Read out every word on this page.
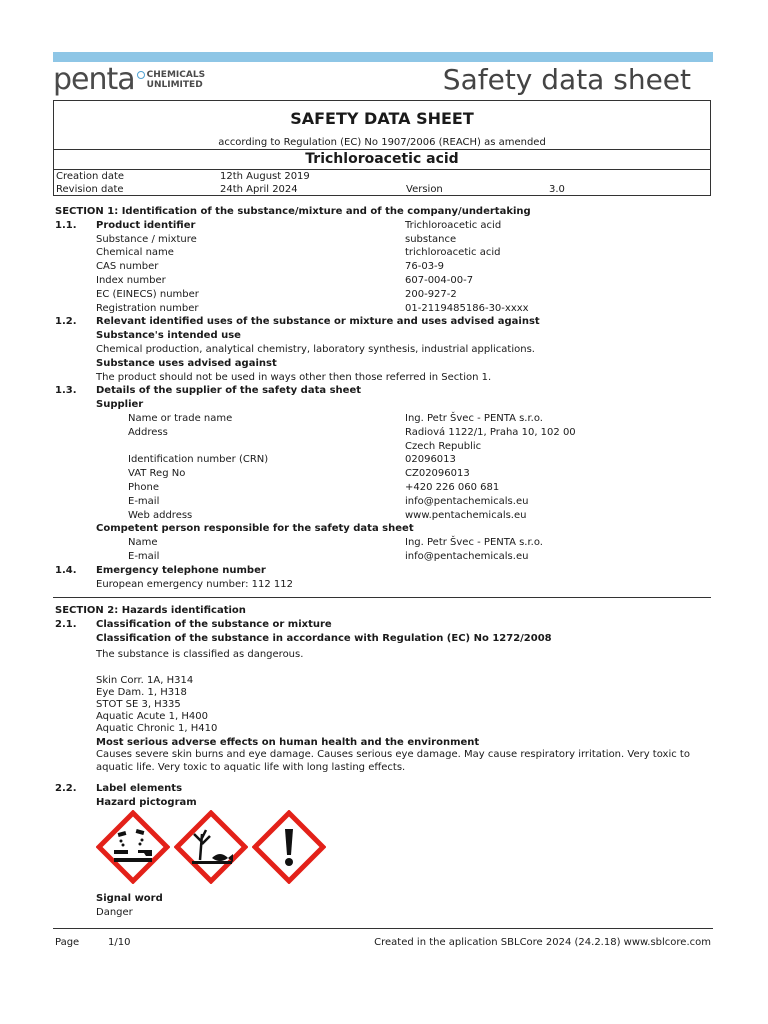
penta CHEMICALS
UNLIMITED	Safety data sheet
SAFETY DATA SHEET
according to Regulation (EC) No 1907/2006 (REACH) as amended
Trichloroacetic acid
Creation date	12th August 2019
Revision date	24th April 2024	Version	3.0
SECTION 1: Identification of the substance/mixture and of the company/undertaking
1.1. Product identifier	Trichloroacetic acid
Substance / mixture	substance
Chemical name	trichloroacetic acid
CAS number	76-03-9
Index number	607-004-00-7
EC (EINECS) number	200-927-2
Registration number	01-2119485186-30-xxxx
1.2. Relevant identified uses of the substance or mixture and uses advised against
Substance's intended use
Chemical production, analytical chemistry, laboratory synthesis, industrial applications.
Substance uses advised against
The product should not be used in ways other then those referred in Section 1.
1.3. Details of the supplier of the safety data sheet
Supplier
Name or trade name	Ing. Petr Švec - PENTA s.r.o.
Address	Radiová 1122/1, Praha 10, 102 00
Czech Republic
Identification number (CRN)	02096013
VAT Reg No	CZ02096013
Phone	+420 226 060 681
E-mail	info@pentachemicals.eu
Web address	www.pentachemicals.eu
Competent person responsible for the safety data sheet
Name	Ing. Petr Švec - PENTA s.r.o.
E-mail	info@pentachemicals.eu
1.4. Emergency telephone number
European emergency number: 112 112
SECTION 2: Hazards identification
2.1. Classification of the substance or mixture
Classification of the substance in accordance with Regulation (EC) No 1272/2008
The substance is classified as dangerous.
Skin Corr. 1A, H314
Eye Dam. 1, H318
STOT SE 3, H335
Aquatic Acute 1, H400
Aquatic Chronic 1, H410
Most serious adverse effects on human health and the environment
Causes severe skin burns and eye damage. Causes serious eye damage. May cause respiratory irritation. Very toxic to aquatic life. Very toxic to aquatic life with long lasting effects.
2.2. Label elements
Hazard pictogram
Signal word
Danger
Page	1/10	Created in the aplication SBLCore 2024 (24.2.18) www.sblcore.com
